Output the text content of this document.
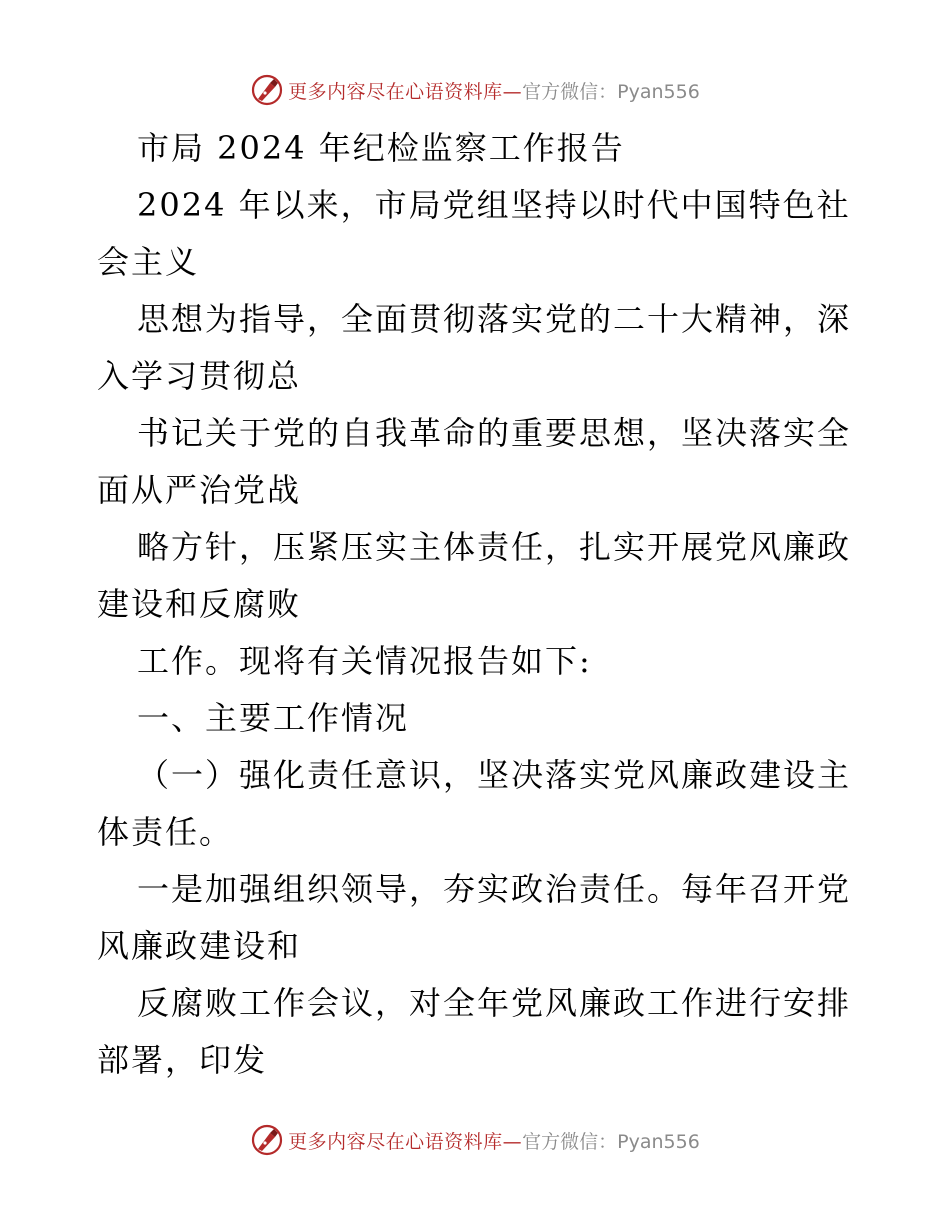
更多内容尽在心语资料库— 官方微信：Pyan556
市局 2024 年纪检监察工作报告
2024 年以来，市局党组坚持以时代中国特色社
会主义
思想为指导，全面贯彻落实党的二十大精神，深
入学习贯彻总
书记关于党的自我革命的重要思想，坚决落实全
面从严治党战
略方针，压紧压实主体责任，扎实开展党风廉政
建设和反腐败
工作。现将有关情况报告如下:
一、主要工作情况
（一）强化责任意识，坚决落实党风廉政建设主
体责任。
一是加强组织领导，夯实政治责任。每年召开党
风廉政建设和
反腐败工作会议，对全年党风廉政工作进行安排
部署，印发
更多内容尽在心语资料库— 官方微信：Pyan556
